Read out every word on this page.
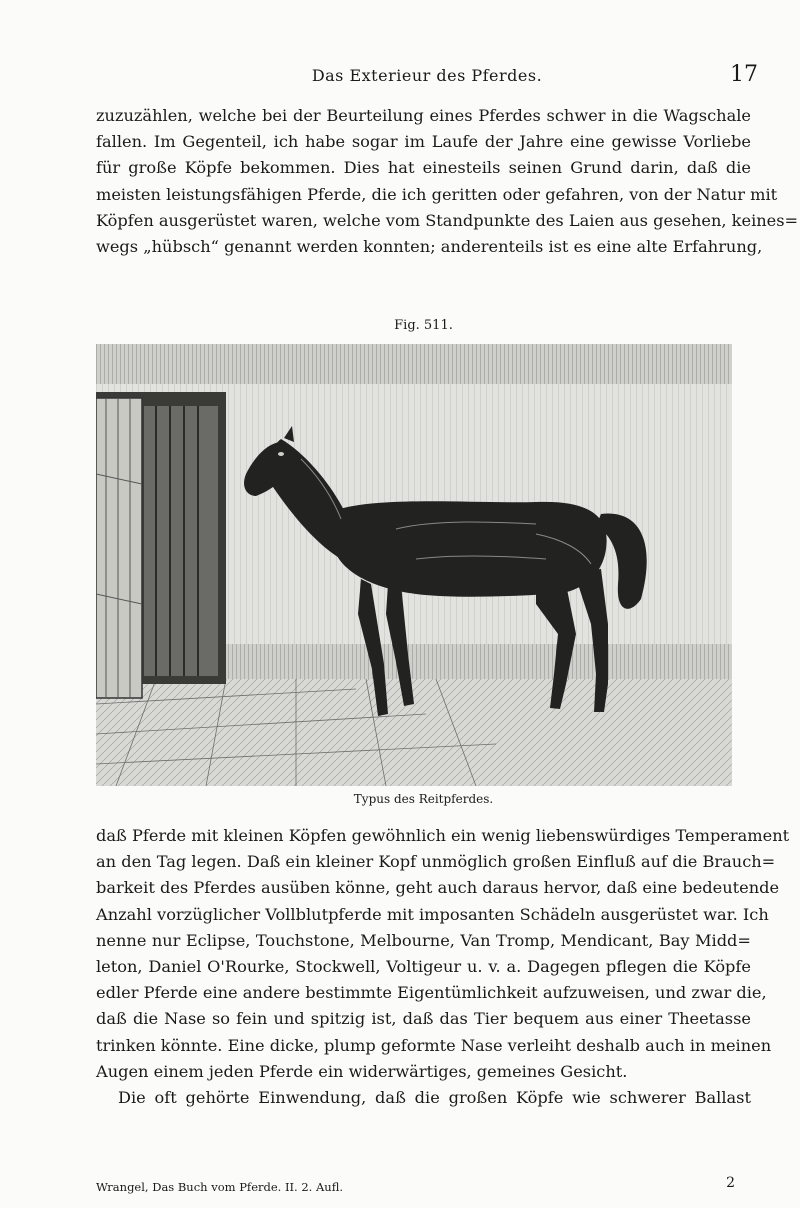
Das Exterieur des Pferdes.	17
zuzuzählen, welche bei der Beurteilung eines Pferdes schwer in die Wagschale
fallen. Im Gegenteil, ich habe sogar im Laufe der Jahre eine gewisse Vorliebe
für große Köpfe bekommen. Dies hat einesteils seinen Grund darin, daß die
meisten leistungsfähigen Pferde, die ich geritten oder gefahren, von der Natur mit
Köpfen ausgerüstet waren, welche vom Standpunkte des Laien aus gesehen, keines=
wegs „hübsch“ genannt werden konnten; anderenteils ist es eine alte Erfahrung,
Fig. 511.
Typus des Reitpferdes.
daß Pferde mit kleinen Köpfen gewöhnlich ein wenig liebenswürdiges Temperament
an den Tag legen. Daß ein kleiner Kopf unmöglich großen Einfluß auf die Brauch=
barkeit des Pferdes ausüben könne, geht auch daraus hervor, daß eine bedeutende
Anzahl vorzüglicher Vollblutpferde mit imposanten Schädeln ausgerüstet war. Ich
nenne nur Eclipse, Touchstone, Melbourne, Van Tromp, Mendicant, Bay Midd=
leton, Daniel O'Rourke, Stockwell, Voltigeur u. v. a. Dagegen pflegen die Köpfe
edler Pferde eine andere bestimmte Eigentümlichkeit aufzuweisen, und zwar die,
daß die Nase so fein und spitzig ist, daß das Tier bequem aus einer Theetasse
trinken könnte. Eine dicke, plump geformte Nase verleiht deshalb auch in meinen
Augen einem jeden Pferde ein widerwärtiges, gemeines Gesicht.
Die oft gehörte Einwendung, daß die großen Köpfe wie schwerer Ballast
Wrangel, Das Buch vom Pferde. II. 2. Aufl.	2
